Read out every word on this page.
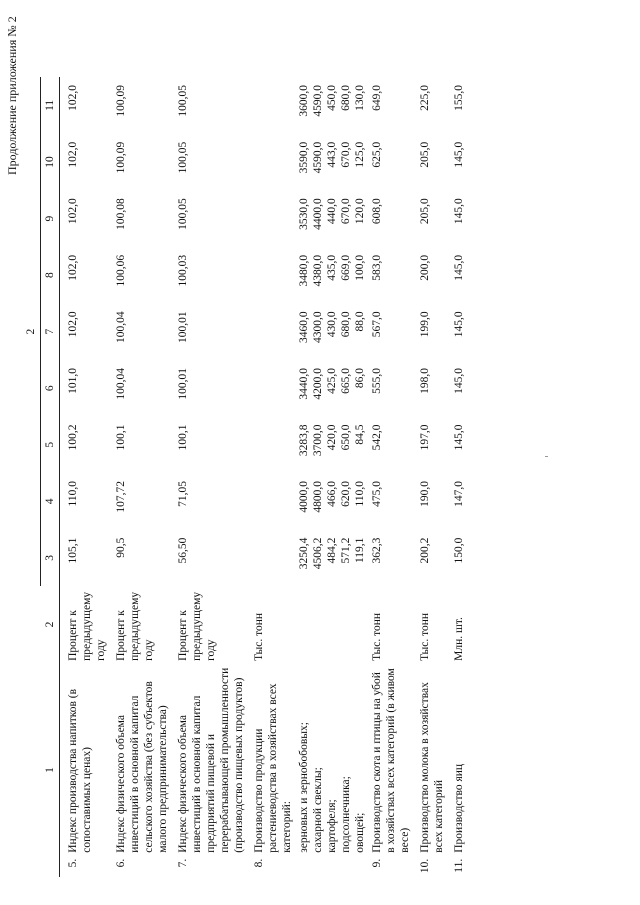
Продолжение приложения № 2
			2								
1		2	3	4	5	6	7	8	9	10	11
5.	Индекс производства напитков (в сопоставимых ценах)	Процент к предыдущему году	105,1	110,0	100,2	101,0	102,0	102,0	102,0	102,0	102,0
6.	Индекс физического объема инвестиций в основной капитал сельского хозяйства (без субъектов малого предпринимательства)	Процент к предыдущему году	90,5	107,72	100,1	100,04	100,04	100,06	100,08	100,09	100,09
7.	Индекс физического объема инвестиций в основной капитал предприятий пищевой и перерабатывающей промышленности (производство пищевых продуктов)	Процент к предыдущему году	56,50	71,05	100,1	100,01	100,01	100,03	100,05	100,05	100,05
8.	Производство продукции растениеводства в хозяйствах всех категорий:	Тыс. тонн									
	зерновых и зернобобовых;		3250,4	4000,0	3283,8	3440,0	3460,0	3480,0	3530,0	3590,0	3600,0
	сахарной свеклы;		4506,2	4800,0	3700,0	4200,0	4300,0	4380,0	4400,0	4590,0	4590,0
	картофеля;		484,2	466,0	420,0	425,0	430,0	435,0	440,0	443,0	450,0
	подсолнечника;		571,2	620,0	650,0	665,0	680,0	669,0	670,0	670,0	680,0
	овощей;		119,1	110,0	84,5	86,0	88,0	100,0	120,0	125,0	130,0
9.	Производство скота и птицы на убой в хозяйствах всех категорий (в живом весе)	Тыс. тонн	362,3	475,0	542,0	555,0	567,0	583,0	608,0	625,0	649,0
10.	Производство молока в хозяйствах всех категорий	Тыс. тонн	200,2	190,0	197,0	198,0	199,0	200,0	205,0	205,0	225,0
11.	Производство яиц	Млн. шт.	150,0	147,0	145,0	145,0	145,0	145,0	145,0	145,0	155,0
